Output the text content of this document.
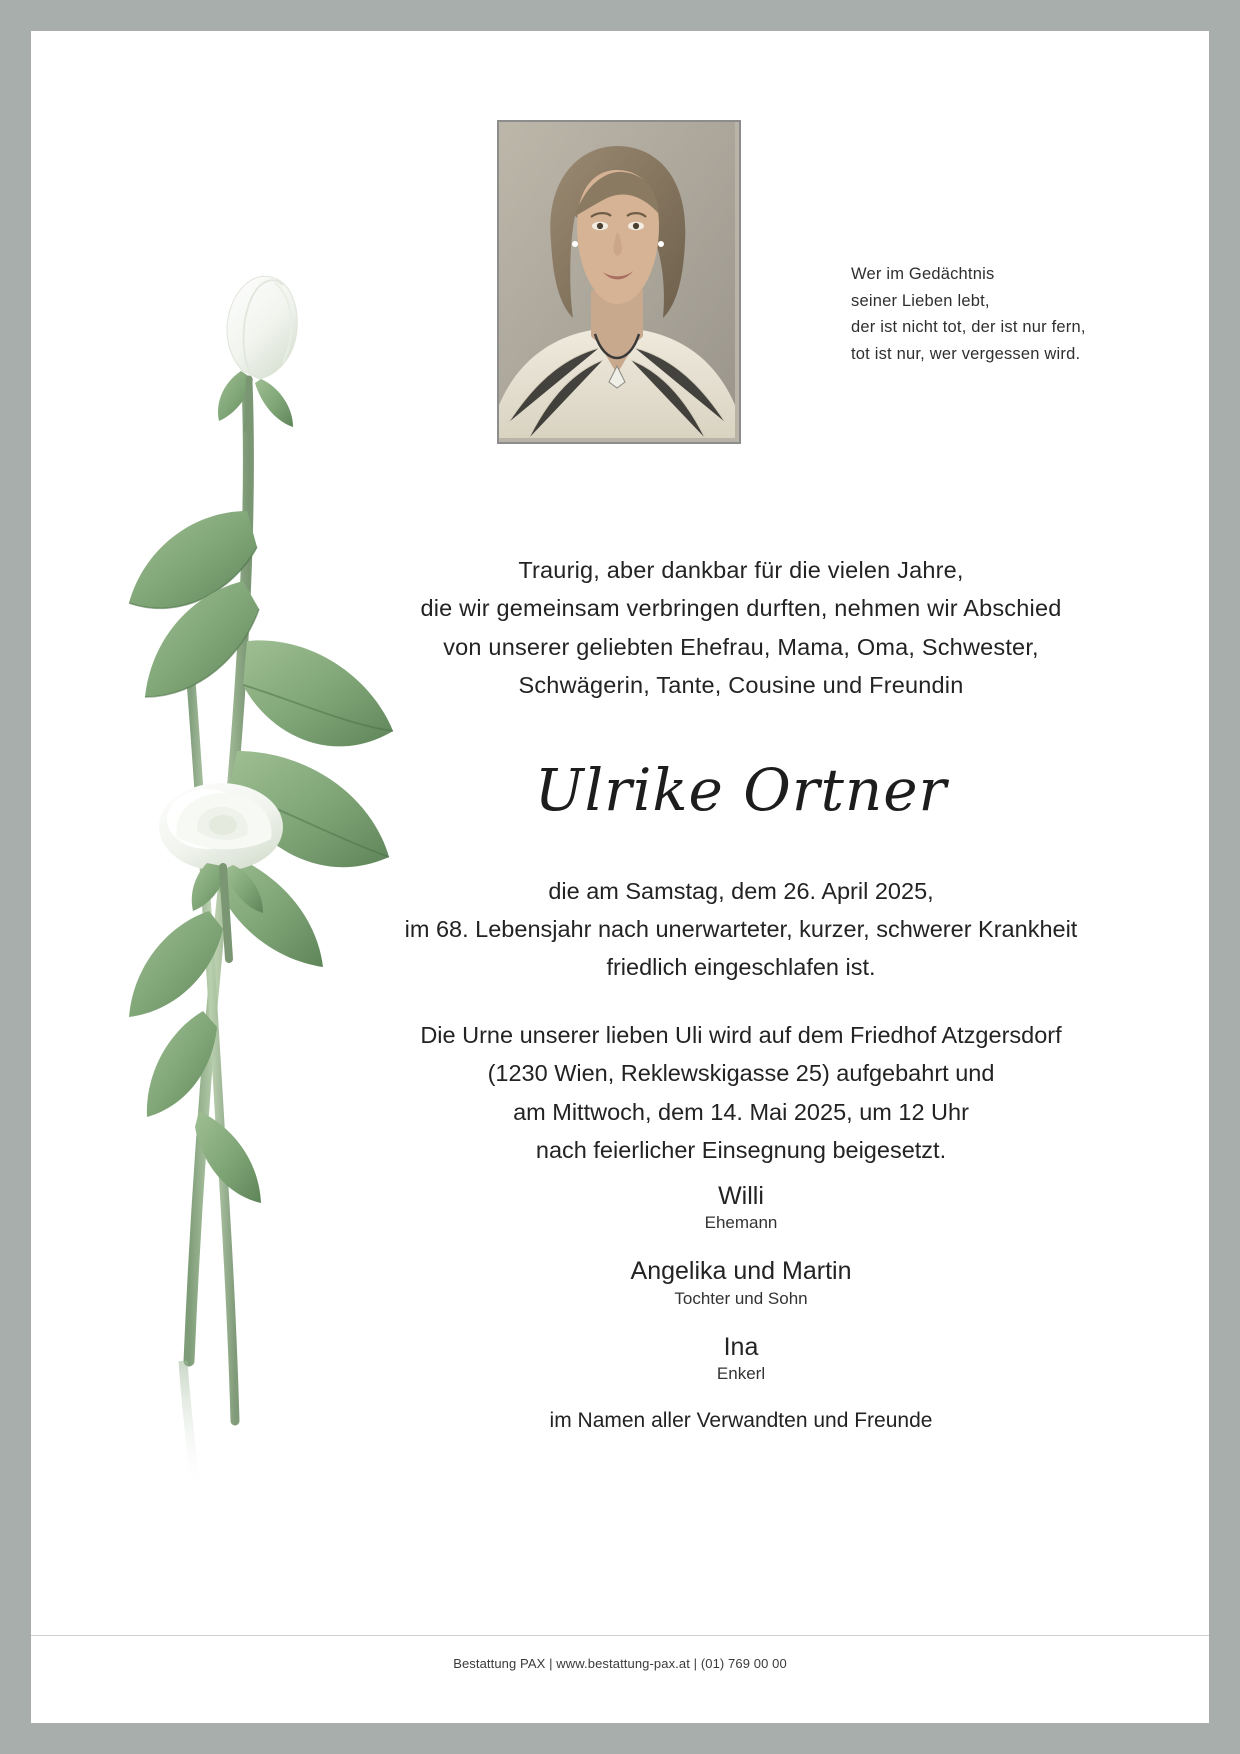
Wer im Gedächtnis
seiner Lieben lebt,
der ist nicht tot, der ist nur fern,
tot ist nur, wer vergessen wird.
Traurig, aber dankbar für die vielen Jahre,
die wir gemeinsam verbringen durften, nehmen wir Abschied
von unserer geliebten Ehefrau, Mama, Oma, Schwester,
Schwägerin, Tante, Cousine und Freundin
Ulrike Ortner
die am Samstag, dem 26. April 2025,
im 68. Lebensjahr nach unerwarteter, kurzer, schwerer Krankheit
friedlich eingeschlafen ist.
Die Urne unserer lieben Uli wird auf dem Friedhof Atzgersdorf
(1230 Wien, Reklewskigasse 25) aufgebahrt und
am Mittwoch, dem 14. Mai 2025, um 12 Uhr
nach feierlicher Einsegnung beigesetzt.
Willi
Ehemann
Angelika und Martin
Tochter und Sohn
Ina
Enkerl
im Namen aller Verwandten und Freunde
Bestattung PAX | www.bestattung-pax.at | (01) 769 00 00
